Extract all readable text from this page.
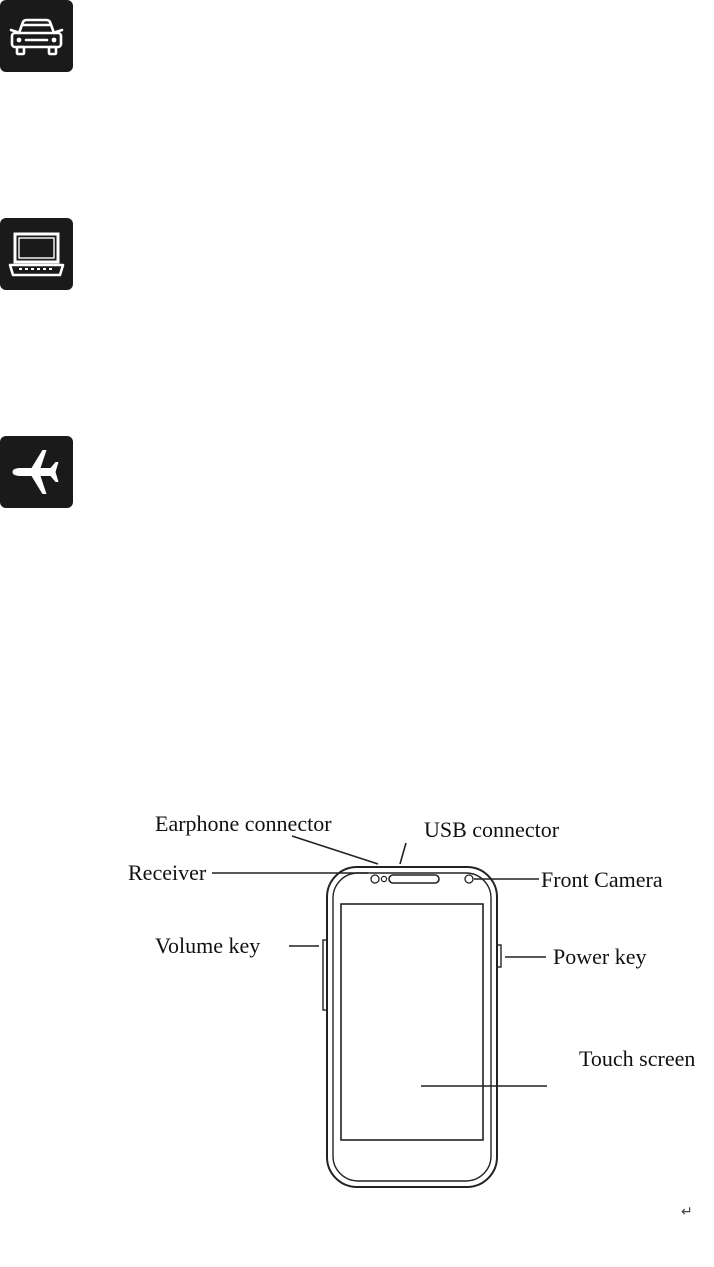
Earphone connector	USB connector
Receiver	Front Camera
Volume key	Power key
Touch screen
↵
